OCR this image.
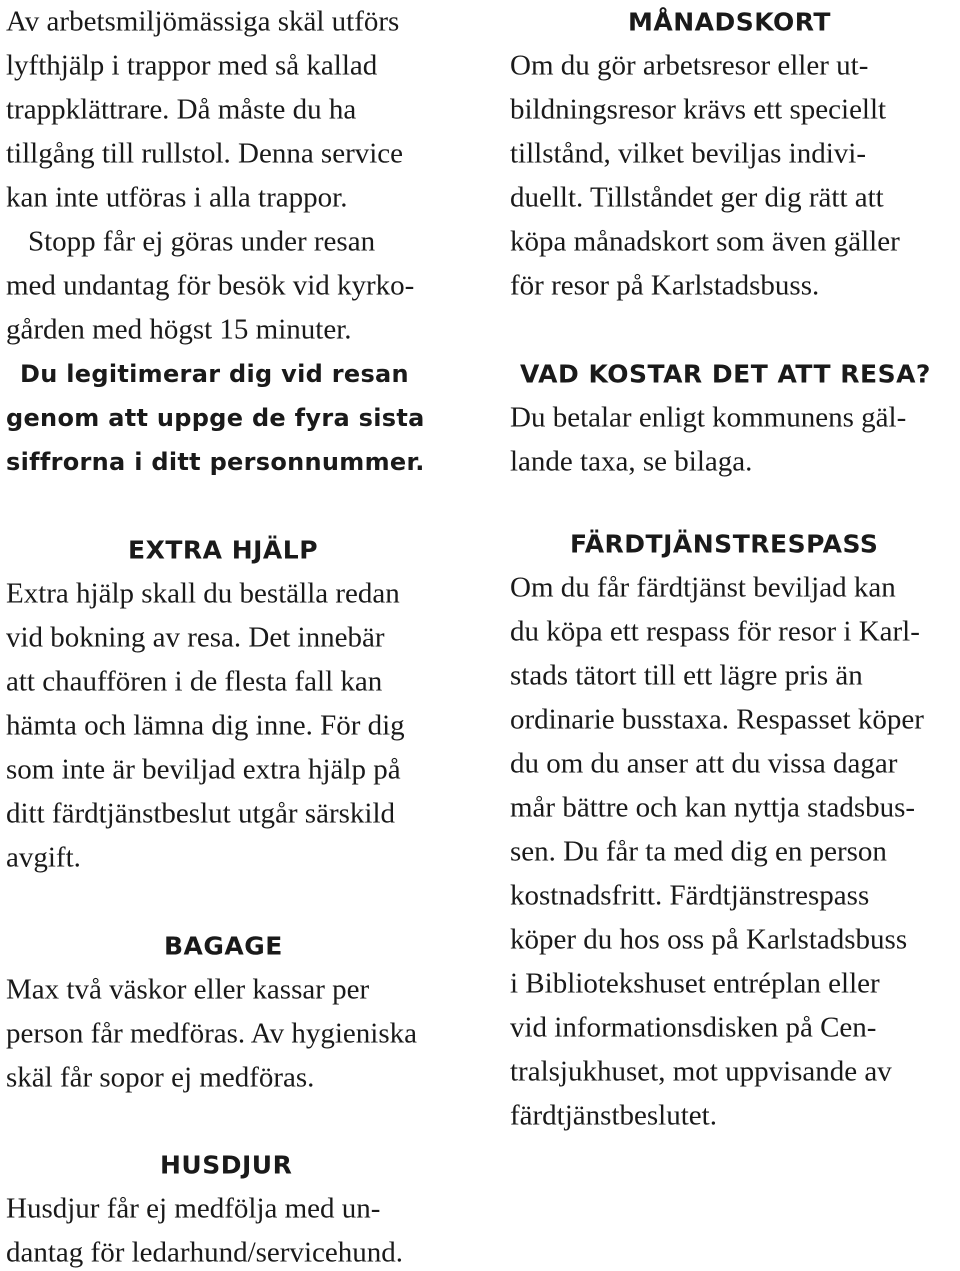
Av arbetsmiljömässiga skäl utförs
lyfthjälp i trappor med så kallad
trappklättrare. Då måste du ha
tillgång till rullstol. Denna service
kan inte utföras i alla trappor.
Stopp får ej göras under resan
med undantag för besök vid kyrko-
gården med högst 15 minuter.
Du legitimerar dig vid resan
genom att uppge de fyra sista
siffrorna i ditt personnummer.
EXTRA HJÄLP
Extra hjälp skall du beställa redan
vid bokning av resa. Det innebär
att chauffören i de flesta fall kan
hämta och lämna dig inne. För dig
som inte är beviljad extra hjälp på
ditt färdtjänstbeslut utgår särskild
avgift.
BAGAGE
Max två väskor eller kassar per
person får medföras. Av hygieniska
skäl får sopor ej medföras.
HUSDJUR
Husdjur får ej medfölja med un-
dantag för ledarhund/servicehund.
MÅNADSKORT
Om du gör arbetsresor eller ut-
bildningsresor krävs ett speciellt
tillstånd, vilket beviljas indivi-
duellt. Tillståndet ger dig rätt att
köpa månadskort som även gäller
för resor på Karlstadsbuss.
VAD KOSTAR DET ATT RESA?
Du betalar enligt kommunens gäl-
lande taxa, se bilaga.
FÄRDTJÄNSTRESPASS
Om du får färdtjänst beviljad kan
du köpa ett respass för resor i Karl-
stads tätort till ett lägre pris än
ordinarie busstaxa. Respasset köper
du om du anser att du vissa dagar
mår bättre och kan nyttja stadsbus-
sen. Du får ta med dig en person
kostnadsfritt. Färdtjänstrespass
köper du hos oss på Karlstadsbuss
i Bibliotekshuset entréplan eller
vid informationsdisken på Cen-
tralsjukhuset, mot uppvisande av
färdtjänstbeslutet.
